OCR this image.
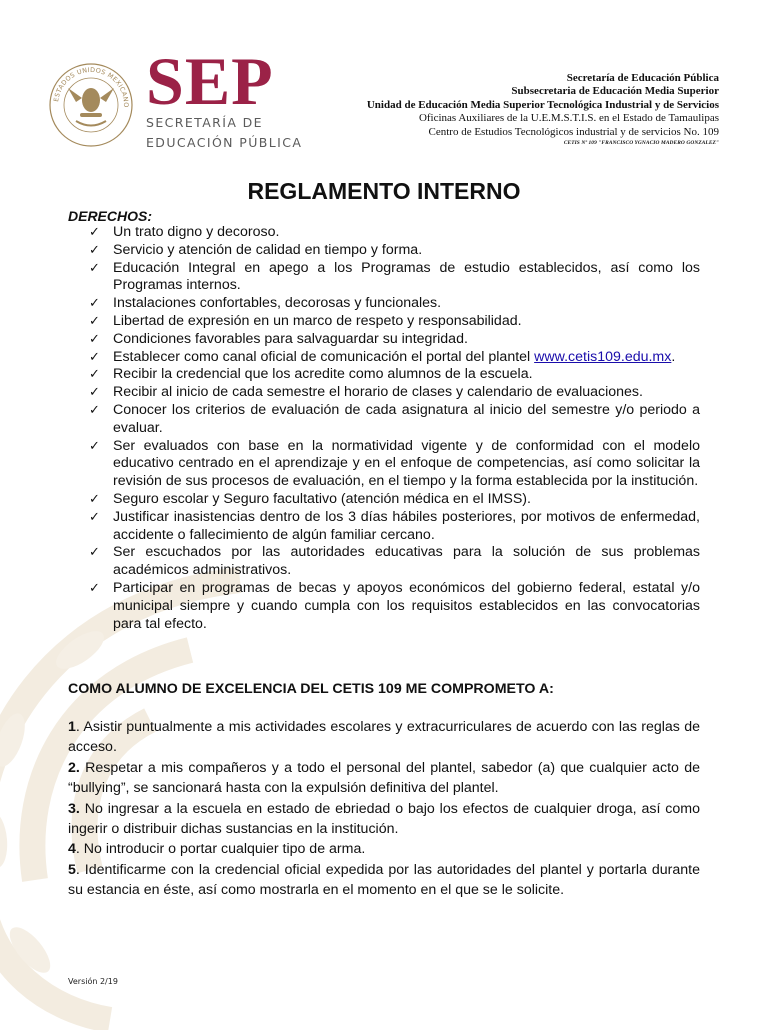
ESTADOS UNIDOS MEXICANO SEP
SECRETARÍA DE
EDUCACIÓN PÚBLICA
Secretaría de Educación Pública
Subsecretaria de Educación Media Superior
Unidad de Educación Media Superior Tecnológica Industrial y de Servicios
Oficinas Auxiliares de la U.E.M.S.T.I.S. en el Estado de Tamaulipas
Centro de Estudios Tecnológicos industrial y de servicios No. 109
CETIS Nº 109 "FRANCISCO YGNACIO MADERO GONZALEZ"
REGLAMENTO INTERNO
DERECHOS:
✓ Un trato digno y decoroso.
✓ Servicio y atención de calidad en tiempo y forma.
✓ Educación Integral en apego a los Programas de estudio establecidos, así como los Programas internos.
✓ Instalaciones confortables, decorosas y funcionales.
✓ Libertad de expresión en un marco de respeto y responsabilidad.
✓ Condiciones favorables para salvaguardar su integridad.
✓ Establecer como canal oficial de comunicación el portal del plantel www.cetis109.edu.mx.
✓ Recibir la credencial que los acredite como alumnos de la escuela.
✓ Recibir al inicio de cada semestre el horario de clases y calendario de evaluaciones.
✓ Conocer los criterios de evaluación de cada asignatura al inicio del semestre y/o periodo a evaluar.
✓ Ser evaluados con base en la normatividad vigente y de conformidad con el modelo educativo centrado en el aprendizaje y en el enfoque de competencias, así como solicitar la revisión de sus procesos de evaluación, en el tiempo y la forma establecida por la institución.
✓ Seguro escolar y Seguro facultativo (atención médica en el IMSS).
✓ Justificar inasistencias dentro de los 3 días hábiles posteriores, por motivos de enfermedad, accidente o fallecimiento de algún familiar cercano.
✓ Ser escuchados por las autoridades educativas para la solución de sus problemas académicos administrativos.
✓ Participar en programas de becas y apoyos económicos del gobierno federal, estatal y/o municipal siempre y cuando cumpla con los requisitos establecidos en las convocatorias para tal efecto.
COMO ALUMNO DE EXCELENCIA DEL CETIS 109 ME COMPROMETO A:

1. Asistir puntualmente a mis actividades escolares y extracurriculares de acuerdo con las reglas de acceso.

2. Respetar a mis compañeros y a todo el personal del plantel, sabedor (a) que cualquier acto de “bullying”, se sancionará hasta con la expulsión definitiva del plantel.

3. No ingresar a la escuela en estado de ebriedad o bajo los efectos de cualquier droga, así como ingerir o distribuir dichas sustancias en la institución.

4. No introducir o portar cualquier tipo de arma.

5. Identificarme con la credencial oficial expedida por las autoridades del plantel y portarla durante su estancia en éste, así como mostrarla en el momento en el que se le solicite.

Versión 2/19
